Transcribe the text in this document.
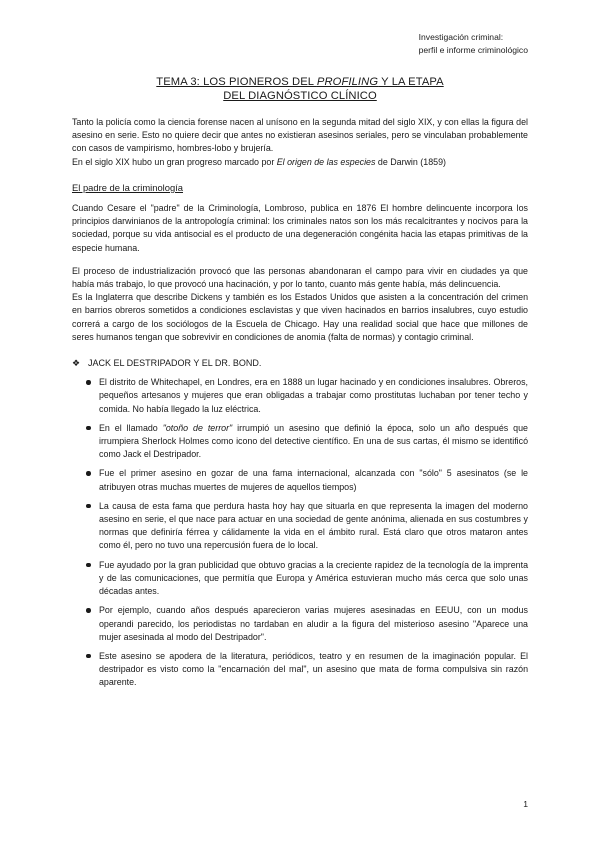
Investigación criminal:
perfil e informe criminológico
TEMA 3: LOS PIONEROS DEL PROFILING Y LA ETAPA
DEL DIAGNÓSTICO CLÍNICO

Tanto la policía como la ciencia forense nacen al unísono en la segunda mitad del siglo XIX, y con ellas la figura del asesino en serie. Esto no quiere decir que antes no existieran asesinos seriales, pero se vinculaban probablemente con casos de vampirismo, hombres-lobo y brujería.

En el siglo XIX hubo un gran progreso marcado por El origen de las especies de Darwin (1859)

El padre de la criminología

Cuando Cesare el "padre" de la Criminología, Lombroso, publica en 1876 El hombre delincuente incorpora los principios darwinianos de la antropología criminal: los criminales natos son los más recalcitrantes y nocivos para la sociedad, porque su vida antisocial es el producto de una degeneración congénita hacia las etapas primitivas de la especie humana.

El proceso de industrialización provocó que las personas abandonaran el campo para vivir en ciudades ya que había más trabajo, lo que provocó una hacinación, y por lo tanto, cuanto más gente había, más delincuencia.

Es la Inglaterra que describe Dickens y también es los Estados Unidos que asisten a la concentración del crimen en barrios obreros sometidos a condiciones esclavistas y que viven hacinados en barrios insalubres, cuyo estudio correrá a cargo de los sociólogos de la Escuela de Chicago. Hay una realidad social que hace que millones de seres humanos tengan que sobrevivir en condiciones de anomia (falta de normas) y contagio criminal.

❖ JACK EL DESTRIPADOR Y EL DR. BOND.
El distrito de Whitechapel, en Londres, era en 1888 un lugar hacinado y en condiciones insalubres. Obreros, pequeños artesanos y mujeres que eran obligadas a trabajar como prostitutas luchaban por tener techo y comida. No había llegado la luz eléctrica.
En el llamado "otoño de terror" irrumpió un asesino que definió la época, solo un año después que irrumpiera Sherlock Holmes como icono del detective científico. En una de sus cartas, él mismo se identificó como Jack el Destripador.
Fue el primer asesino en gozar de una fama internacional, alcanzada con "sólo" 5 asesinatos (se le atribuyen otras muchas muertes de mujeres de aquellos tiempos)
La causa de esta fama que perdura hasta hoy hay que situarla en que representa la imagen del moderno asesino en serie, el que nace para actuar en una sociedad de gente anónima, alienada en sus costumbres y normas que definiría férrea y cálidamente la vida en el ámbito rural. Está claro que otros mataron antes como él, pero no tuvo una repercusión fuera de lo local.
Fue ayudado por la gran publicidad que obtuvo gracias a la creciente rapidez de la tecnología de la imprenta y de las comunicaciones, que permitía que Europa y América estuvieran mucho más cerca que solo unas décadas antes.
Por ejemplo, cuando años después aparecieron varias mujeres asesinadas en EEUU, con un modus operandi parecido, los periodistas no tardaban en aludir a la figura del misterioso asesino "Aparece una mujer asesinada al modo del Destripador".
Este asesino se apodera de la literatura, periódicos, teatro y en resumen de la imaginación popular. El destripador es visto como la "encarnación del mal", un asesino que mata de forma compulsiva sin razón aparente.
1
